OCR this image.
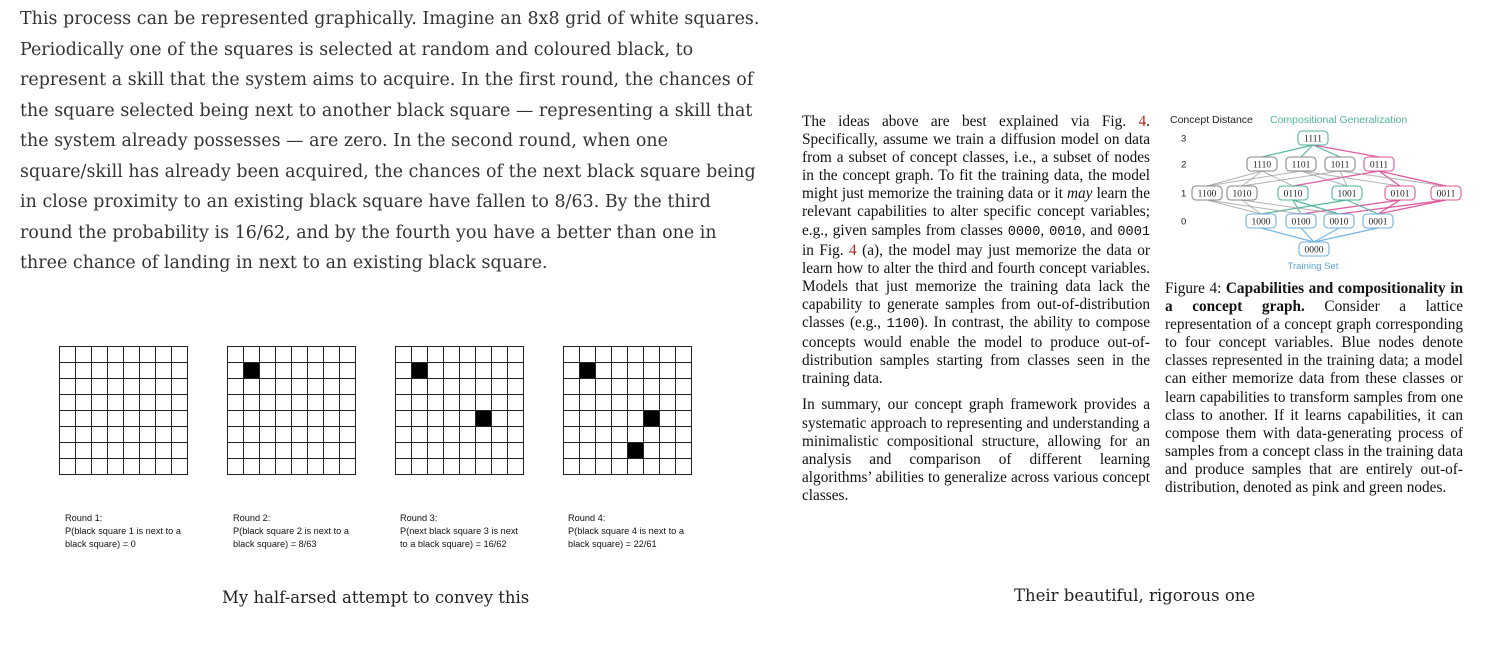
This process can be represented graphically. Imagine an 8x8 grid of white squares. Periodically one of the squares is selected at random and coloured black, to represent a skill that the system aims to acquire. In the first round, the chances of the square selected being next to another black square — representing a skill that the system already possesses — are zero. In the second round, when one square/skill has already been acquired, the chances of the next black square being in close proximity to an existing black square have fallen to 8/63. By the third round the probability is 16/62, and by the fourth you have a better than one in three chance of landing in next to an existing black square.

Round 1:
P(black square 1 is next to a
black square) = 0
Round 2:
P(black square 2 is next to a
black square) = 8/63
Round 3:
P(next black square 3 is next
to a black square) = 16/62
Round 4:
P(black square 4 is next to a
black square) = 22/61
My half-arsed attempt to convey this	Their beautiful, rigorous one

The ideas above are best explained via Fig. 4. Specifically, assume we train a diffusion model on data from a subset of concept classes, i.e., a subset of nodes in the concept graph. To fit the training data, the model might just memorize the training data or it may learn the relevant capabilities to alter specific concept variables; e.g., given samples from classes 0000, 0010, and 0001 in Fig. 4 (a), the model may just memorize the data or learn how to alter the third and fourth concept variables. Models that just memorize the training data lack the capability to generate samples from out-of-distribution classes (e.g., 1100). In contrast, the ability to compose concepts would enable the model to produce out-of-distribution samples starting from classes seen in the training data.

In summary, our concept graph framework provides a systematic approach to representing and understanding a minimalistic compositional structure, allowing for an analysis and comparison of different learning algorithms’ abilities to generalize across various concept classes.

Concept Distance Compositional Generalization
3
2
1
0	1000
1001
1010
1011
1100
1101
1110
1111
0100 0010 0001
0110	0101	0011
0111
0000
Training Set

Figure 4: Capabilities and compositionality in a concept graph. Consider a lattice representation of a concept graph corresponding to four concept variables. Blue nodes denote classes represented in the training data; a model can either memorize data from these classes or learn capabilities to transform samples from one class to another. If it learns capabilities, it can compose them with data-generating process of samples from a concept class in the training data and produce samples that are entirely out-of-distribution, denoted as pink and green nodes.
